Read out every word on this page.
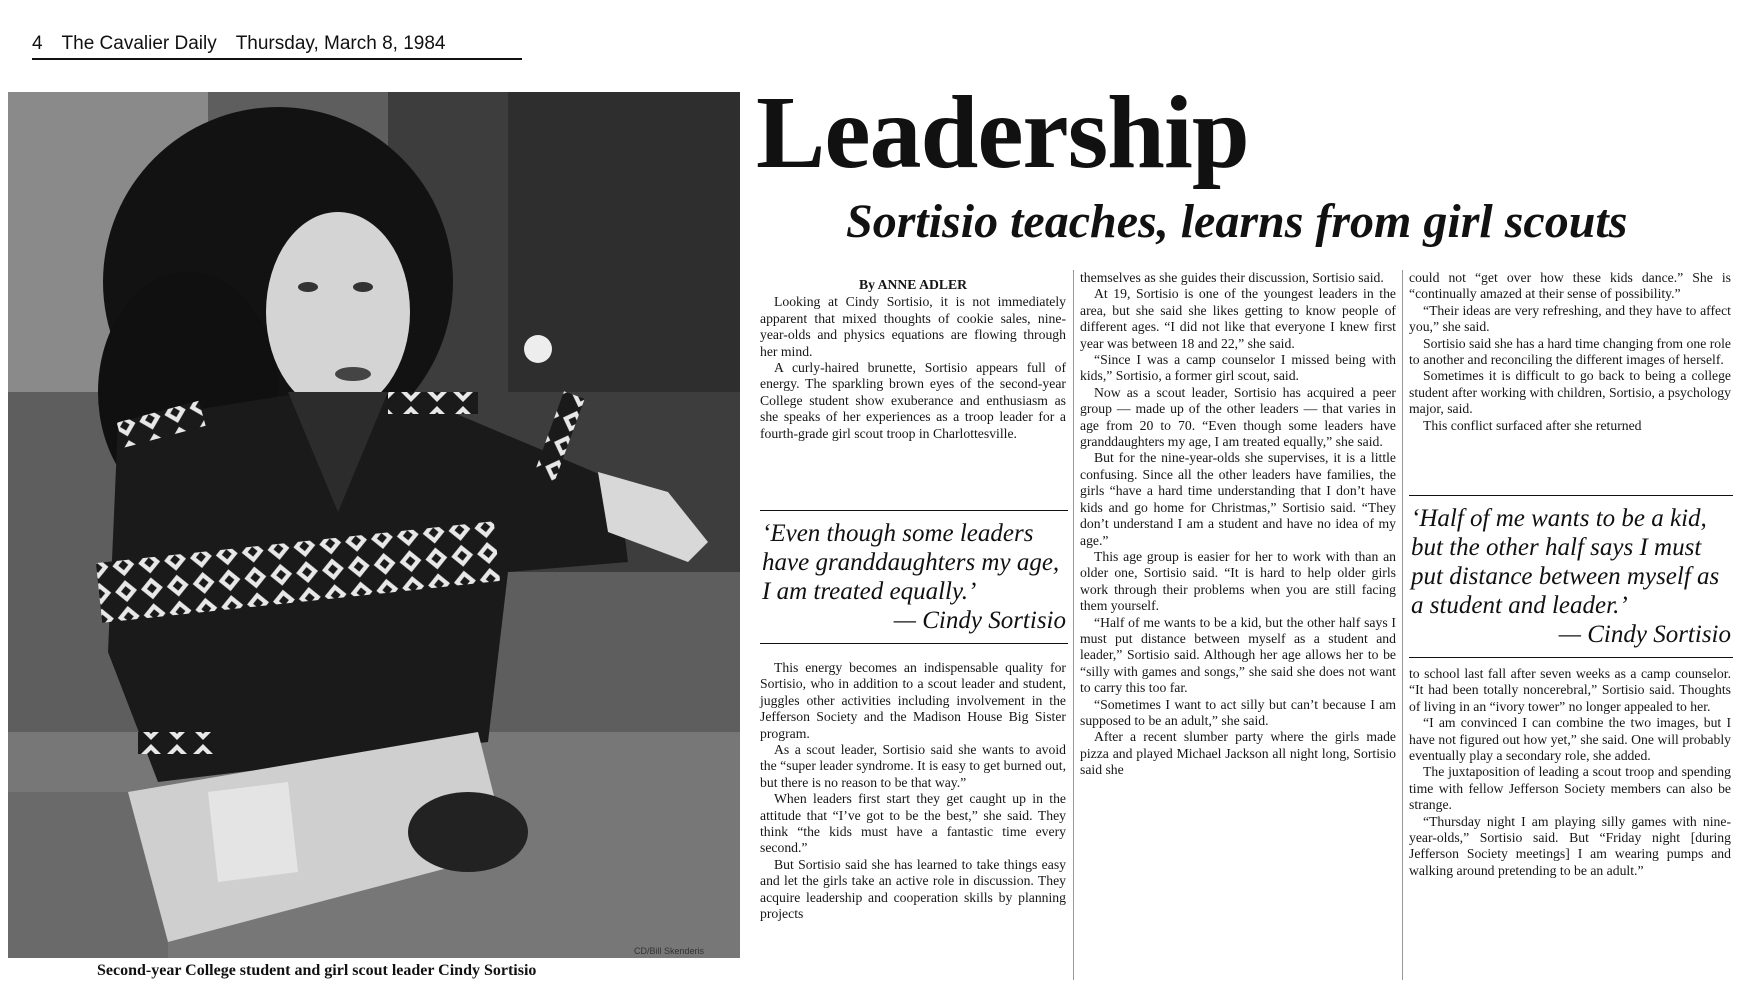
4 The Cavalier Daily Thursday, March 8, 1984
CD/Bill Skenderis
Second-year College student and girl scout leader Cindy Sortisio
Leadership
Sortisio teaches, learns from girl scouts
By ANNE ADLER

Looking at Cindy Sortisio, it is not immediately apparent that mixed thoughts of cookie sales, nine-year-olds and physics equations are flowing through her mind.

A curly-haired brunette, Sortisio appears full of energy. The sparkling brown eyes of the second-year College student show exuberance and enthusiasm as she speaks of her experiences as a troop leader for a fourth-grade girl scout troop in Charlottesville.

‘Even though some leaders have granddaughters my age, I am treated equally.’
— Cindy Sortisio

This energy becomes an indispensable quality for Sortisio, who in addition to a scout leader and student, juggles other activities including involvement in the Jefferson Society and the Madison House Big Sister program.

As a scout leader, Sortisio said she wants to avoid the “super leader syndrome. It is easy to get burned out, but there is no reason to be that way.”

When leaders first start they get caught up in the attitude that “I’ve got to be the best,” she said. They think “the kids must have a fantastic time every second.”

But Sortisio said she has learned to take things easy and let the girls take an active role in discussion. They acquire leadership and cooperation skills by planning projects

themselves as she guides their discussion, Sortisio said.

At 19, Sortisio is one of the youngest leaders in the area, but she said she likes getting to know people of different ages. “I did not like that everyone I knew first year was between 18 and 22,” she said.

“Since I was a camp counselor I missed being with kids,” Sortisio, a former girl scout, said.

Now as a scout leader, Sortisio has acquired a peer group — made up of the other leaders — that varies in age from 20 to 70. “Even though some leaders have granddaughters my age, I am treated equally,” she said.

But for the nine-year-olds she supervises, it is a little confusing. Since all the other leaders have families, the girls “have a hard time understanding that I don’t have kids and go home for Christmas,” Sortisio said. “They don’t understand I am a student and have no idea of my age.”

This age group is easier for her to work with than an older one, Sortisio said. “It is hard to help older girls work through their problems when you are still facing them yourself.

“Half of me wants to be a kid, but the other half says I must put distance between myself as a student and leader,” Sortisio said. Although her age allows her to be “silly with games and songs,” she said she does not want to carry this too far.

“Sometimes I want to act silly but can’t because I am supposed to be an adult,” she said.

After a recent slumber party where the girls made pizza and played Michael Jackson all night long, Sortisio said she

could not “get over how these kids dance.” She is “continually amazed at their sense of possibility.”

“Their ideas are very refreshing, and they have to affect you,” she said.

Sortisio said she has a hard time changing from one role to another and reconciling the different images of herself.

Sometimes it is difficult to go back to being a college student after working with children, Sortisio, a psychology major, said.

This conflict surfaced after she returned

‘Half of me wants to be a kid, but the other half says I must put distance between myself as a student and leader.’
— Cindy Sortisio

to school last fall after seven weeks as a camp counselor. “It had been totally noncerebral,” Sortisio said. Thoughts of living in an “ivory tower” no longer appealed to her.

“I am convinced I can combine the two images, but I have not figured out how yet,” she said. One will probably eventually play a secondary role, she added.

The juxtaposition of leading a scout troop and spending time with fellow Jefferson Society members can also be strange.

“Thursday night I am playing silly games with nine-year-olds,” Sortisio said. But “Friday night [during Jefferson Society meetings] I am wearing pumps and walking around pretending to be an adult.”
